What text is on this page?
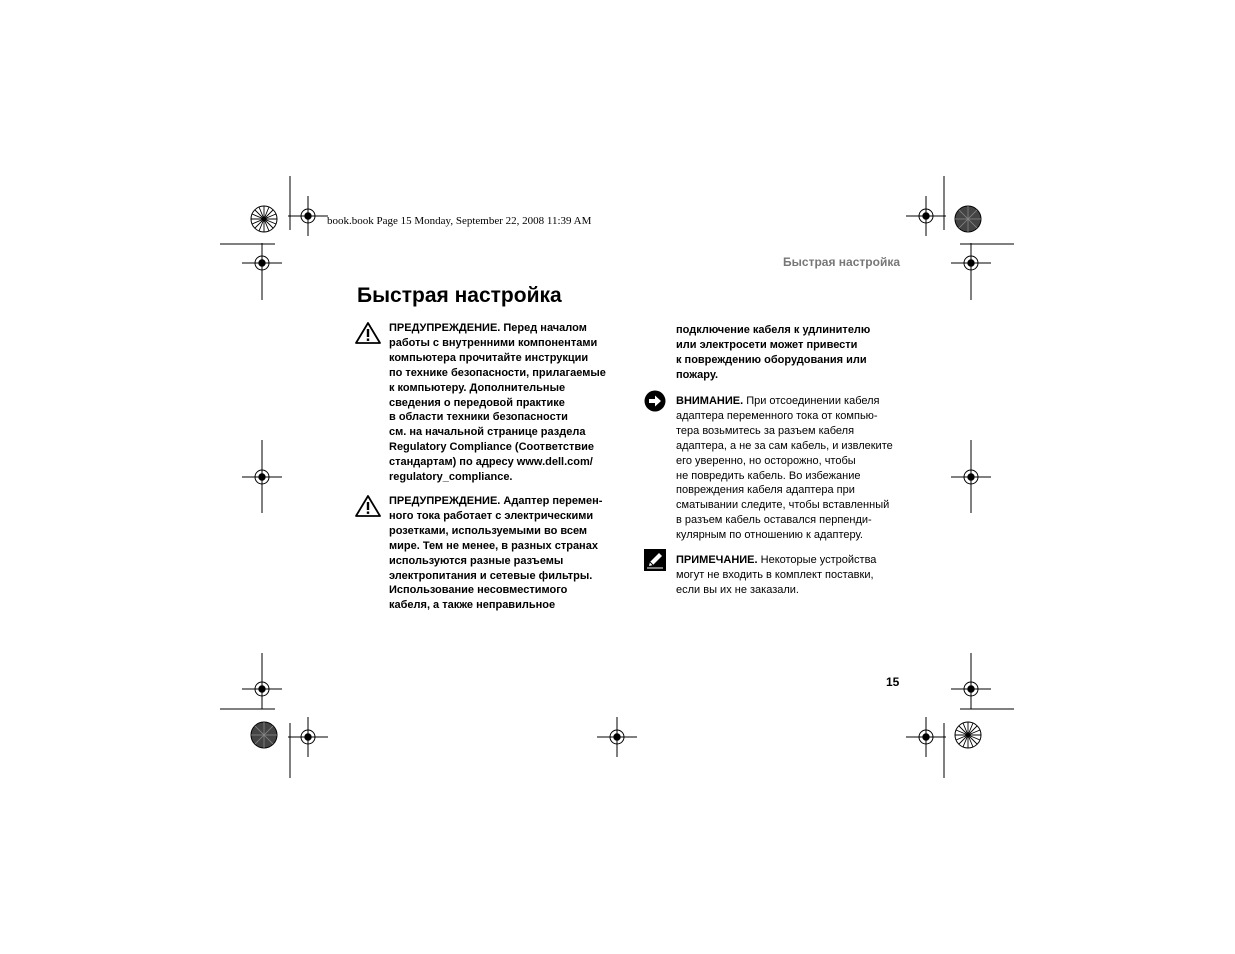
book.book Page 15 Monday, September 22, 2008 11:39 AM
Быстрая настройка
Быстрая настройка
ПРЕДУПРЕЖДЕНИЕ. Перед началом
работы с внутренними компонентами
компьютера прочитайте инструкции
по технике безопасности, прилагаемые
к компьютеру. Дополнительные
сведения о передовой практике
в области техники безопасности
см. на начальной странице раздела
Regulatory Compliance (Соответствие
стандартам) по адресу www.dell.com/
regulatory_compliance.
ПРЕДУПРЕЖДЕНИЕ. Адаптер перемен-
ного тока работает с электрическими
розетками, используемыми во всем
мире. Тем не менее, в разных странах
используются разные разъемы
электропитания и сетевые фильтры.
Использование несовместимого
кабеля, а также неправильное
подключение кабеля к удлинителю
или электросети может привести
к повреждению оборудования или
пожару.
ВНИМАНИЕ. При отсоединении кабеля
адаптера переменного тока от компью-
тера возьмитесь за разъем кабеля
адаптера, а не за сам кабель, и извлеките
его уверенно, но осторожно, чтобы
не повредить кабель. Во избежание
повреждения кабеля адаптера при
сматывании следите, чтобы вставленный
в разъем кабель оставался перпенди-
кулярным по отношению к адаптеру.
ПРИМЕЧАНИЕ. Некоторые устройства
могут не входить в комплект поставки,
если вы их не заказали.
15
